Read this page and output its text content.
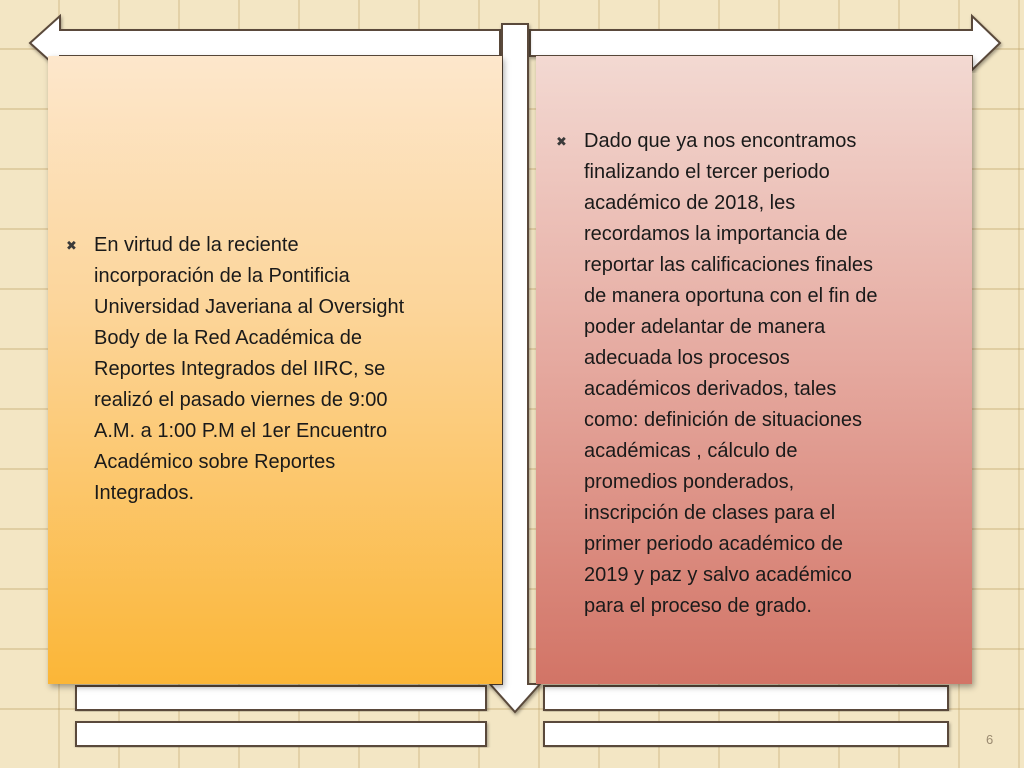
✖ En virtud de la reciente
incorporación de la Pontificia
Universidad Javeriana al Oversight
Body de la Red Académica de
Reportes Integrados del IIRC, se
realizó el pasado viernes de 9:00
A.M. a 1:00 P.M el 1er Encuentro
Académico sobre Reportes
Integrados.
✖ Dado que ya nos encontramos
finalizando el tercer periodo
académico de 2018, les
recordamos la importancia de
reportar las calificaciones finales
de manera oportuna con el fin de
poder adelantar de manera
adecuada los procesos
académicos derivados, tales
como: definición de situaciones
académicas , cálculo de
promedios ponderados,
inscripción de clases para el
primer periodo académico de
2019 y paz y salvo académico
para el proceso de grado.
6
